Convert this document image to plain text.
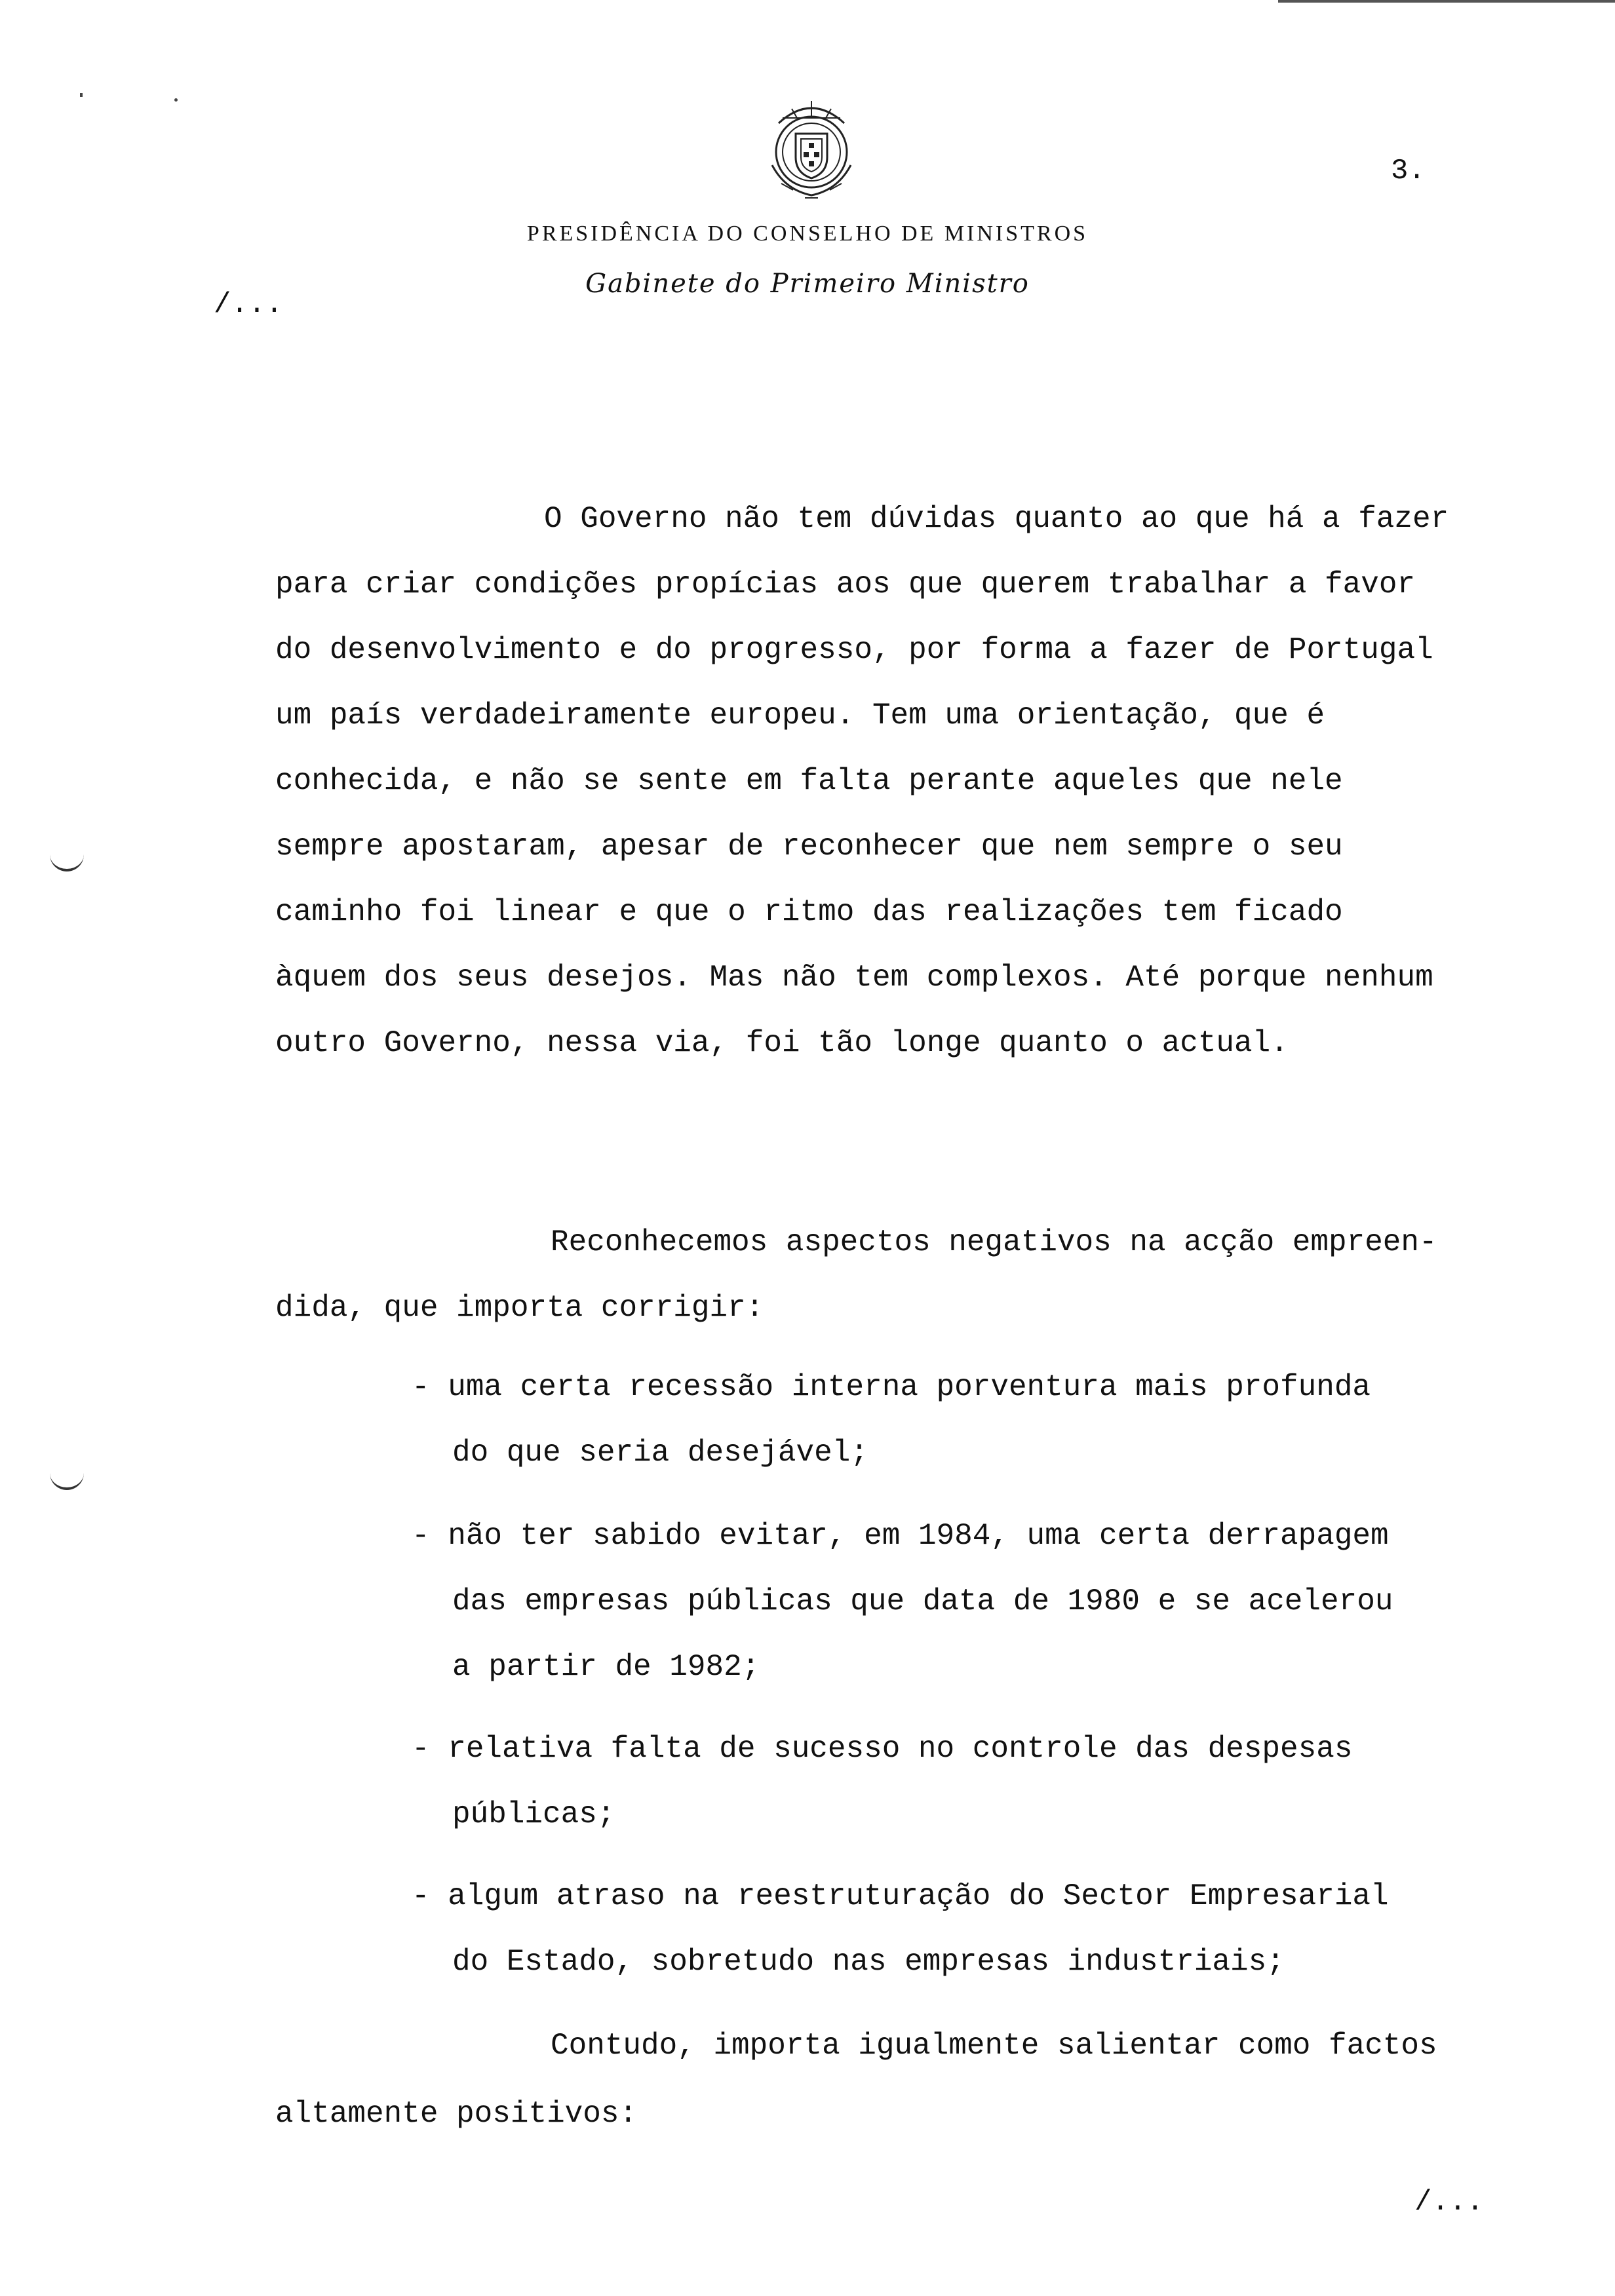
PRESIDÊNCIA DO CONSELHO DE MINISTROS
Gabinete do Primeiro Ministro
3.
/...
O Governo não tem dúvidas quanto ao que há a fazer
para criar condições propícias aos que querem trabalhar a favor
do desenvolvimento e do progresso, por forma a fazer de Portugal
um país verdadeiramente europeu. Tem uma orientação, que é
conhecida, e não se sente em falta perante aqueles que nele
sempre apostaram, apesar de reconhecer que nem sempre o seu
caminho foi linear e que o ritmo das realizações tem ficado
àquem dos seus desejos. Mas não tem complexos. Até porque nenhum
outro Governo, nessa via, foi tão longe quanto o actual.
Reconhecemos aspectos negativos na acção empreen-
dida, que importa corrigir:
- uma certa recessão interna porventura mais profunda
do que seria desejável;
- não ter sabido evitar, em 1984, uma certa derrapagem
das empresas públicas que data de 1980 e se acelerou
a partir de 1982;
- relativa falta de sucesso no controle das despesas
públicas;
- algum atraso na reestruturação do Sector Empresarial
do Estado, sobretudo nas empresas industriais;
Contudo, importa igualmente salientar como factos
altamente positivos:
/...
